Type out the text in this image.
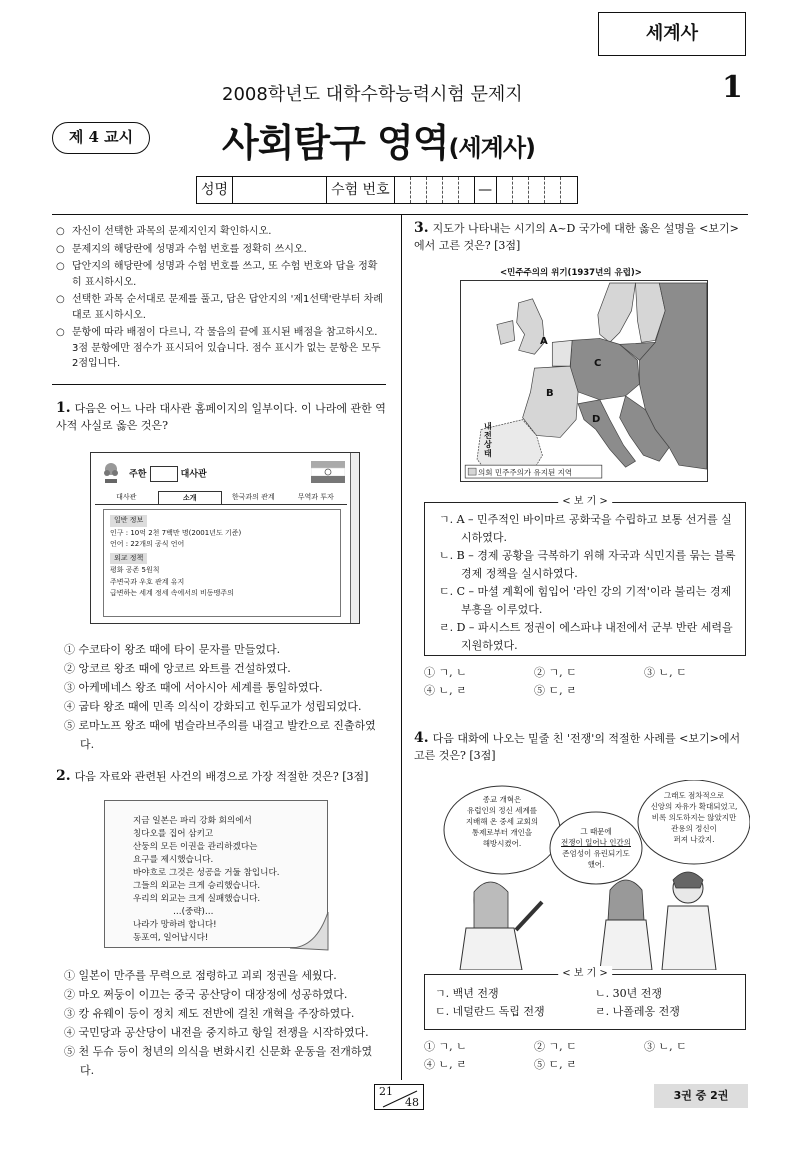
세계사
2008학년도 대학수학능력시험 문제지	1
제 4 교시	사회탐구 영역(세계사)
성명	수험 번호	—
○ 자신이 선택한 과목의 문제지인지 확인하시오.
○ 문제지의 해당란에 성명과 수험 번호를 정확히 쓰시오.
○ 답안지의 해당란에 성명과 수험 번호를 쓰고, 또 수험 번호와 답을 정확히 표시하시오.
○ 선택한 과목 순서대로 문제를 풀고, 답은 답안지의 '제1선택'란부터 차례대로 표시하시오.
○ 문항에 따라 배점이 다르니, 각 물음의 끝에 표시된 배점을 참고하시오. 3점 문항에만 점수가 표시되어 있습니다. 점수 표시가 없는 문항은 모두 2점입니다.
1. 다음은 어느 나라 대사관 홈페이지의 일부이다. 이 나라에 관한 역사적 사실로 옳은 것은?
주한	대사관
대사관	소개	한국과의 관계	무역과 투자
일반 정보
인구 : 10억 2천 7백만 명(2001년도 기준)
언어 : 22개의 공식 언어
외교 정책
평화 공존 5원칙
주변국과 우호 관계 유지
급변하는 세계 정세 속에서의 비동맹주의
① 수코타이 왕조 때에 타이 문자를 만들었다.
② 앙코르 왕조 때에 앙코르 와트를 건설하였다.
③ 아케메네스 왕조 때에 서아시아 세계를 통일하였다.
④ 굽타 왕조 때에 민족 의식이 강화되고 힌두교가 성립되었다.
⑤ 로마노프 왕조 때에 범슬라브주의를 내걸고 발칸으로 진출하였다.
2. 다음 자료와 관련된 사건의 배경으로 가장 적절한 것은? [3점]
지금 일본은 파리 강화 회의에서
칭다오를 집어 삼키고
산둥의 모든 이권을 관리하겠다는
요구를 제시했습니다.
바야흐로 그것은 성공을 거둘 참입니다.
그들의 외교는 크게 승리했습니다.
우리의 외교는 크게 실패했습니다.
…(중략)…
나라가 망하려 합니다!
동포여, 일어납시다!
① 일본이 만주를 무력으로 점령하고 괴뢰 정권을 세웠다.
② 마오 쩌둥이 이끄는 중국 공산당이 대장정에 성공하였다.
③ 캉 유웨이 등이 정치 제도 전반에 걸친 개혁을 주장하였다.
④ 국민당과 공산당이 내전을 중지하고 항일 전쟁을 시작하였다.
⑤ 천 두슈 등이 청년의 의식을 변화시킨 신문화 운동을 전개하였다.
3. 지도가 나타내는 시기의 A~D 국가에 대한 옳은 설명을 <보기>에서 고른 것은? [3점]
<민주주의의 위기(1937년의 유럽)>
A
B
C
D
내전 상태
의회 민주주의가 유지된 지역
< 보 기 >
ㄱ. A – 민주적인 바이마르 공화국을 수립하고 보통 선거를 실시하였다.
ㄴ. B – 경제 공황을 극복하기 위해 자국과 식민지를 묶는 블록 경제 정책을 실시하였다.
ㄷ. C – 마셜 계획에 힘입어 '라인 강의 기적'이라 불리는 경제 부흥을 이루었다.
ㄹ. D – 파시스트 정권이 에스파냐 내전에서 군부 반란 세력을 지원하였다.
① ㄱ, ㄴ	② ㄱ, ㄷ	③ ㄴ, ㄷ
④ ㄴ, ㄹ	⑤ ㄷ, ㄹ
4. 다음 대화에 나오는 밑줄 친 '전쟁'의 적절한 사례를 <보기>에서 고른 것은? [3점]
종교 개혁은
유럽인의 정신 세계를
지배해 온 중세 교회의
통제로부터 개인을
해방시켰어.
그 때문에
전쟁이 일어나 인간의
존엄성이 유린되기도
했어.
그래도 점차적으로
신앙의 자유가 확대되었고,
비록 의도하지는 않았지만
관용의 정신이
퍼져 나갔지.
< 보 기 >
ㄱ. 백년 전쟁	ㄴ. 30년 전쟁
ㄷ. 네덜란드 독립 전쟁	ㄹ. 나폴레옹 전쟁
① ㄱ, ㄴ	② ㄱ, ㄷ	③ ㄴ, ㄷ
④ ㄴ, ㄹ	⑤ ㄷ, ㄹ
21
48
3권 중 2권
